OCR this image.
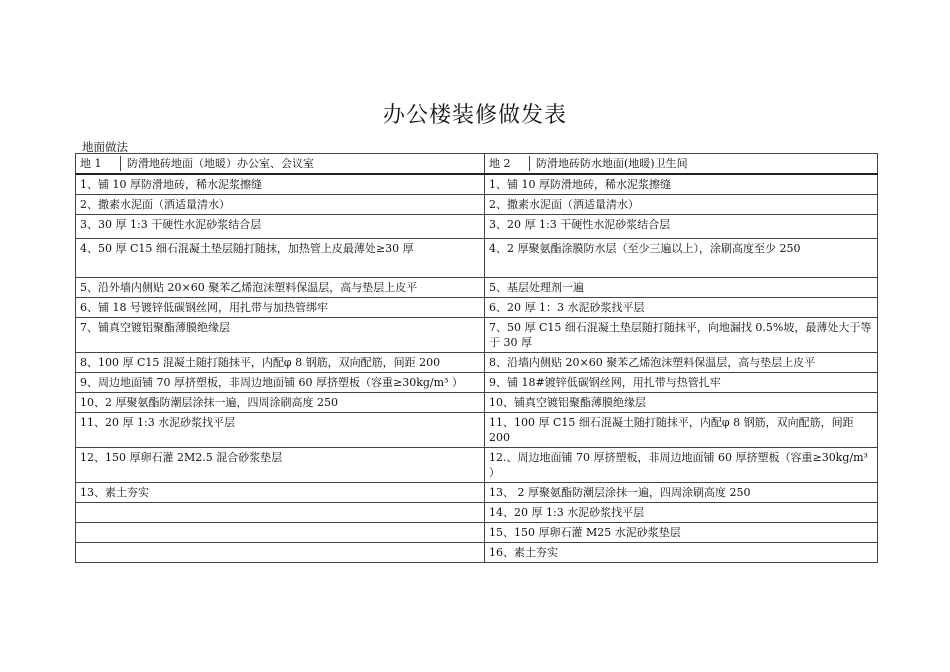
办公楼装修做发表
地面做法
地 1 防滑地砖地面（地暖）办公室、会议室	地 2 防滑地砖防水地面(地暖)卫生间

1、铺 10 厚防滑地砖，稀水泥浆擦缝	1、铺 10 厚防滑地砖，稀水泥浆擦缝
2、撒素水泥面（洒适量清水）	2、撒素水泥面（洒适量清水）
3、30 厚 1:3 干硬性水泥砂浆结合层	3、20 厚 1:3 干硬性水泥砂浆结合层
4、50 厚 C15 细石混凝土垫层随打随抹，加热管上皮最薄处≥30 厚	4、2 厚聚氨酯涂膜防水层（至少三遍以上），涂刷高度至少 250
5、沿外墙内侧贴 20×60 聚苯乙烯泡沫塑料保温层，高与垫层上皮平	5、基层处理剂一遍
6、铺 18 号镀锌低碳钢丝网，用扎带与加热管绑牢	6、20 厚 1：3 水泥砂浆找平层
7、铺真空镀铝聚酯薄膜绝缘层	7、50 厚 C15 细石混凝土垫层随打随抹平，向地漏找 0.5%坡，最薄处大于等于 30 厚
8、100 厚 C15 混凝土随打随抹平，内配φ 8 钢筋，双向配筋，间距 200	8、沿墙内侧贴 20×60 聚苯乙烯泡沫塑料保温层，高与垫层上皮平
9、周边地面铺 70 厚挤塑板，非周边地面铺 60 厚挤塑板（容重≥30kg/m³ ）	9、铺 18#镀锌低碳钢丝网，用扎带与热管扎牢
10、2 厚聚氨酯防潮层涂抹一遍，四周涂刷高度 250	10、铺真空镀铝聚酯薄膜绝缘层
11、20 厚 1:3 水泥砂浆找平层	11、100 厚 C15 细石混凝土随打随抹平，内配φ 8 钢筋，双向配筋，间距 200
12、150 厚卵石灌 2M2.5 混合砂浆垫层	12.、周边地面铺 70 厚挤塑板，非周边地面铺 60 厚挤塑板（容重≥30kg/m³ ）
13、素土夯实	13、 2 厚聚氨酯防潮层涂抹一遍，四周涂刷高度 250
	14、20 厚 1:3 水泥砂浆找平层
	15、150 厚卵石灌 M25 水泥砂浆垫层
	16、素土夯实
